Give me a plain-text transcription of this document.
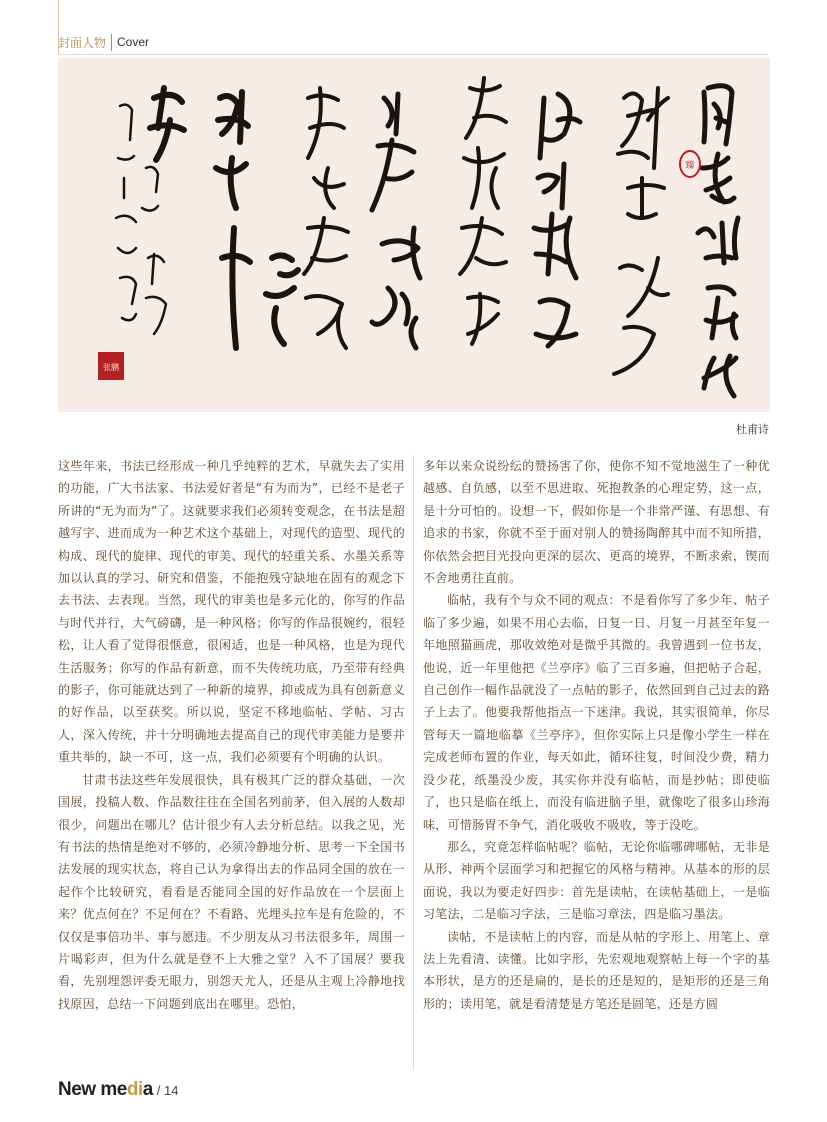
封面人物 Cover
臻
张鹏
杜甫诗

这些年来，书法已经形成一种几乎纯粹的艺术，早就失去了实用的功能，广大书法家、书法爱好者是“有为而为”，已经不是老子所讲的“无为而为”了。这就要求我们必须转变观念，在书法是超越写字、进而成为一种艺术这个基础上，对现代的造型、现代的构成、现代的旋律、现代的审美、现代的轻重关系、水墨关系等加以认真的学习、研究和借鉴，不能抱残守缺地在固有的观念下去书法、去表现。当然，现代的审美也是多元化的，你写的作品与时代并行，大气磅礴，是一种风格；你写的作品很婉约，很轻松，让人看了觉得很惬意，很闲适，也是一种风格，也是为现代生活服务；你写的作品有新意，而不失传统功底，乃至带有经典的影子，你可能就达到了一种新的境界，抑或成为具有创新意义的好作品，以至获奖。所以说，坚定不移地临帖、学帖、习古人，深入传统，并十分明确地去提高自己的现代审美能力是要并重共举的，缺一不可，这一点，我们必须要有个明确的认识。

甘肃书法这些年发展很快，具有极其广泛的群众基础，一次国展，投稿人数、作品数往往在全国名列前茅，但入展的人数却很少，问题出在哪儿？估计很少有人去分析总结。以我之见，光有书法的热情是绝对不够的，必须冷静地分析、思考一下全国书法发展的现实状态，将自己认为拿得出去的作品同全国的放在一起作个比较研究，看看是否能同全国的好作品放在一个层面上来？优点何在？不足何在？不看路、光埋头拉车是有危险的，不仅仅是事倍功半、事与愿违。不少朋友从习书法很多年，周围一片喝彩声，但为什么就是登不上大雅之堂？入不了国展？要我看，先别埋怨评委无眼力，别怨天尤人，还是从主观上冷静地找找原因，总结一下问题到底出在哪里。恐怕，

多年以来众说纷纭的赞扬害了你，使你不知不觉地滋生了一种优越感、自负感，以至不思进取、死抱教条的心理定势，这一点，是十分可怕的。设想一下，假如你是一个非常严谨、有思想、有追求的书家，你就不至于面对别人的赞扬陶醉其中而不知所措，你依然会把目光投向更深的层次、更高的境界，不断求索，锲而不舍地勇往直前。

临帖，我有个与众不同的观点：不是看你写了多少年、帖子临了多少遍，如果不用心去临，日复一日、月复一月甚至年复一年地照猫画虎，那收效绝对是微乎其微的。我曾遇到一位书友，他说，近一年里他把《兰亭序》临了三百多遍，但把帖子合起，自己创作一幅作品就没了一点帖的影子，依然回到自己过去的路子上去了。他要我帮他指点一下迷津。我说，其实很简单，你尽管每天一篇地临摹《兰亭序》，但你实际上只是像小学生一样在完成老师布置的作业，每天如此，循环往复，时间没少费，精力没少花，纸墨没少废，其实你并没有临帖，而是抄帖；即使临了，也只是临在纸上，而没有临进脑子里，就像吃了很多山珍海味，可惜肠胃不争气，消化吸收不吸收，等于没吃。

那么，究竟怎样临帖呢？临帖，无论你临哪碑哪帖，无非是从形、神两个层面学习和把握它的风格与精神。从基本的形的层面说，我以为要走好四步：首先是读帖，在读帖基础上，一是临习笔法，二是临习字法，三是临习章法，四是临习墨法。

读帖，不是读帖上的内容，而是从帖的字形上、用笔上、章法上先看清、读懂。比如字形，先宏观地观察帖上每一个字的基本形状，是方的还是扁的，是长的还是短的，是矩形的还是三角形的；读用笔，就是看清楚是方笔还是圆笔，还是方圆

New media / 14
